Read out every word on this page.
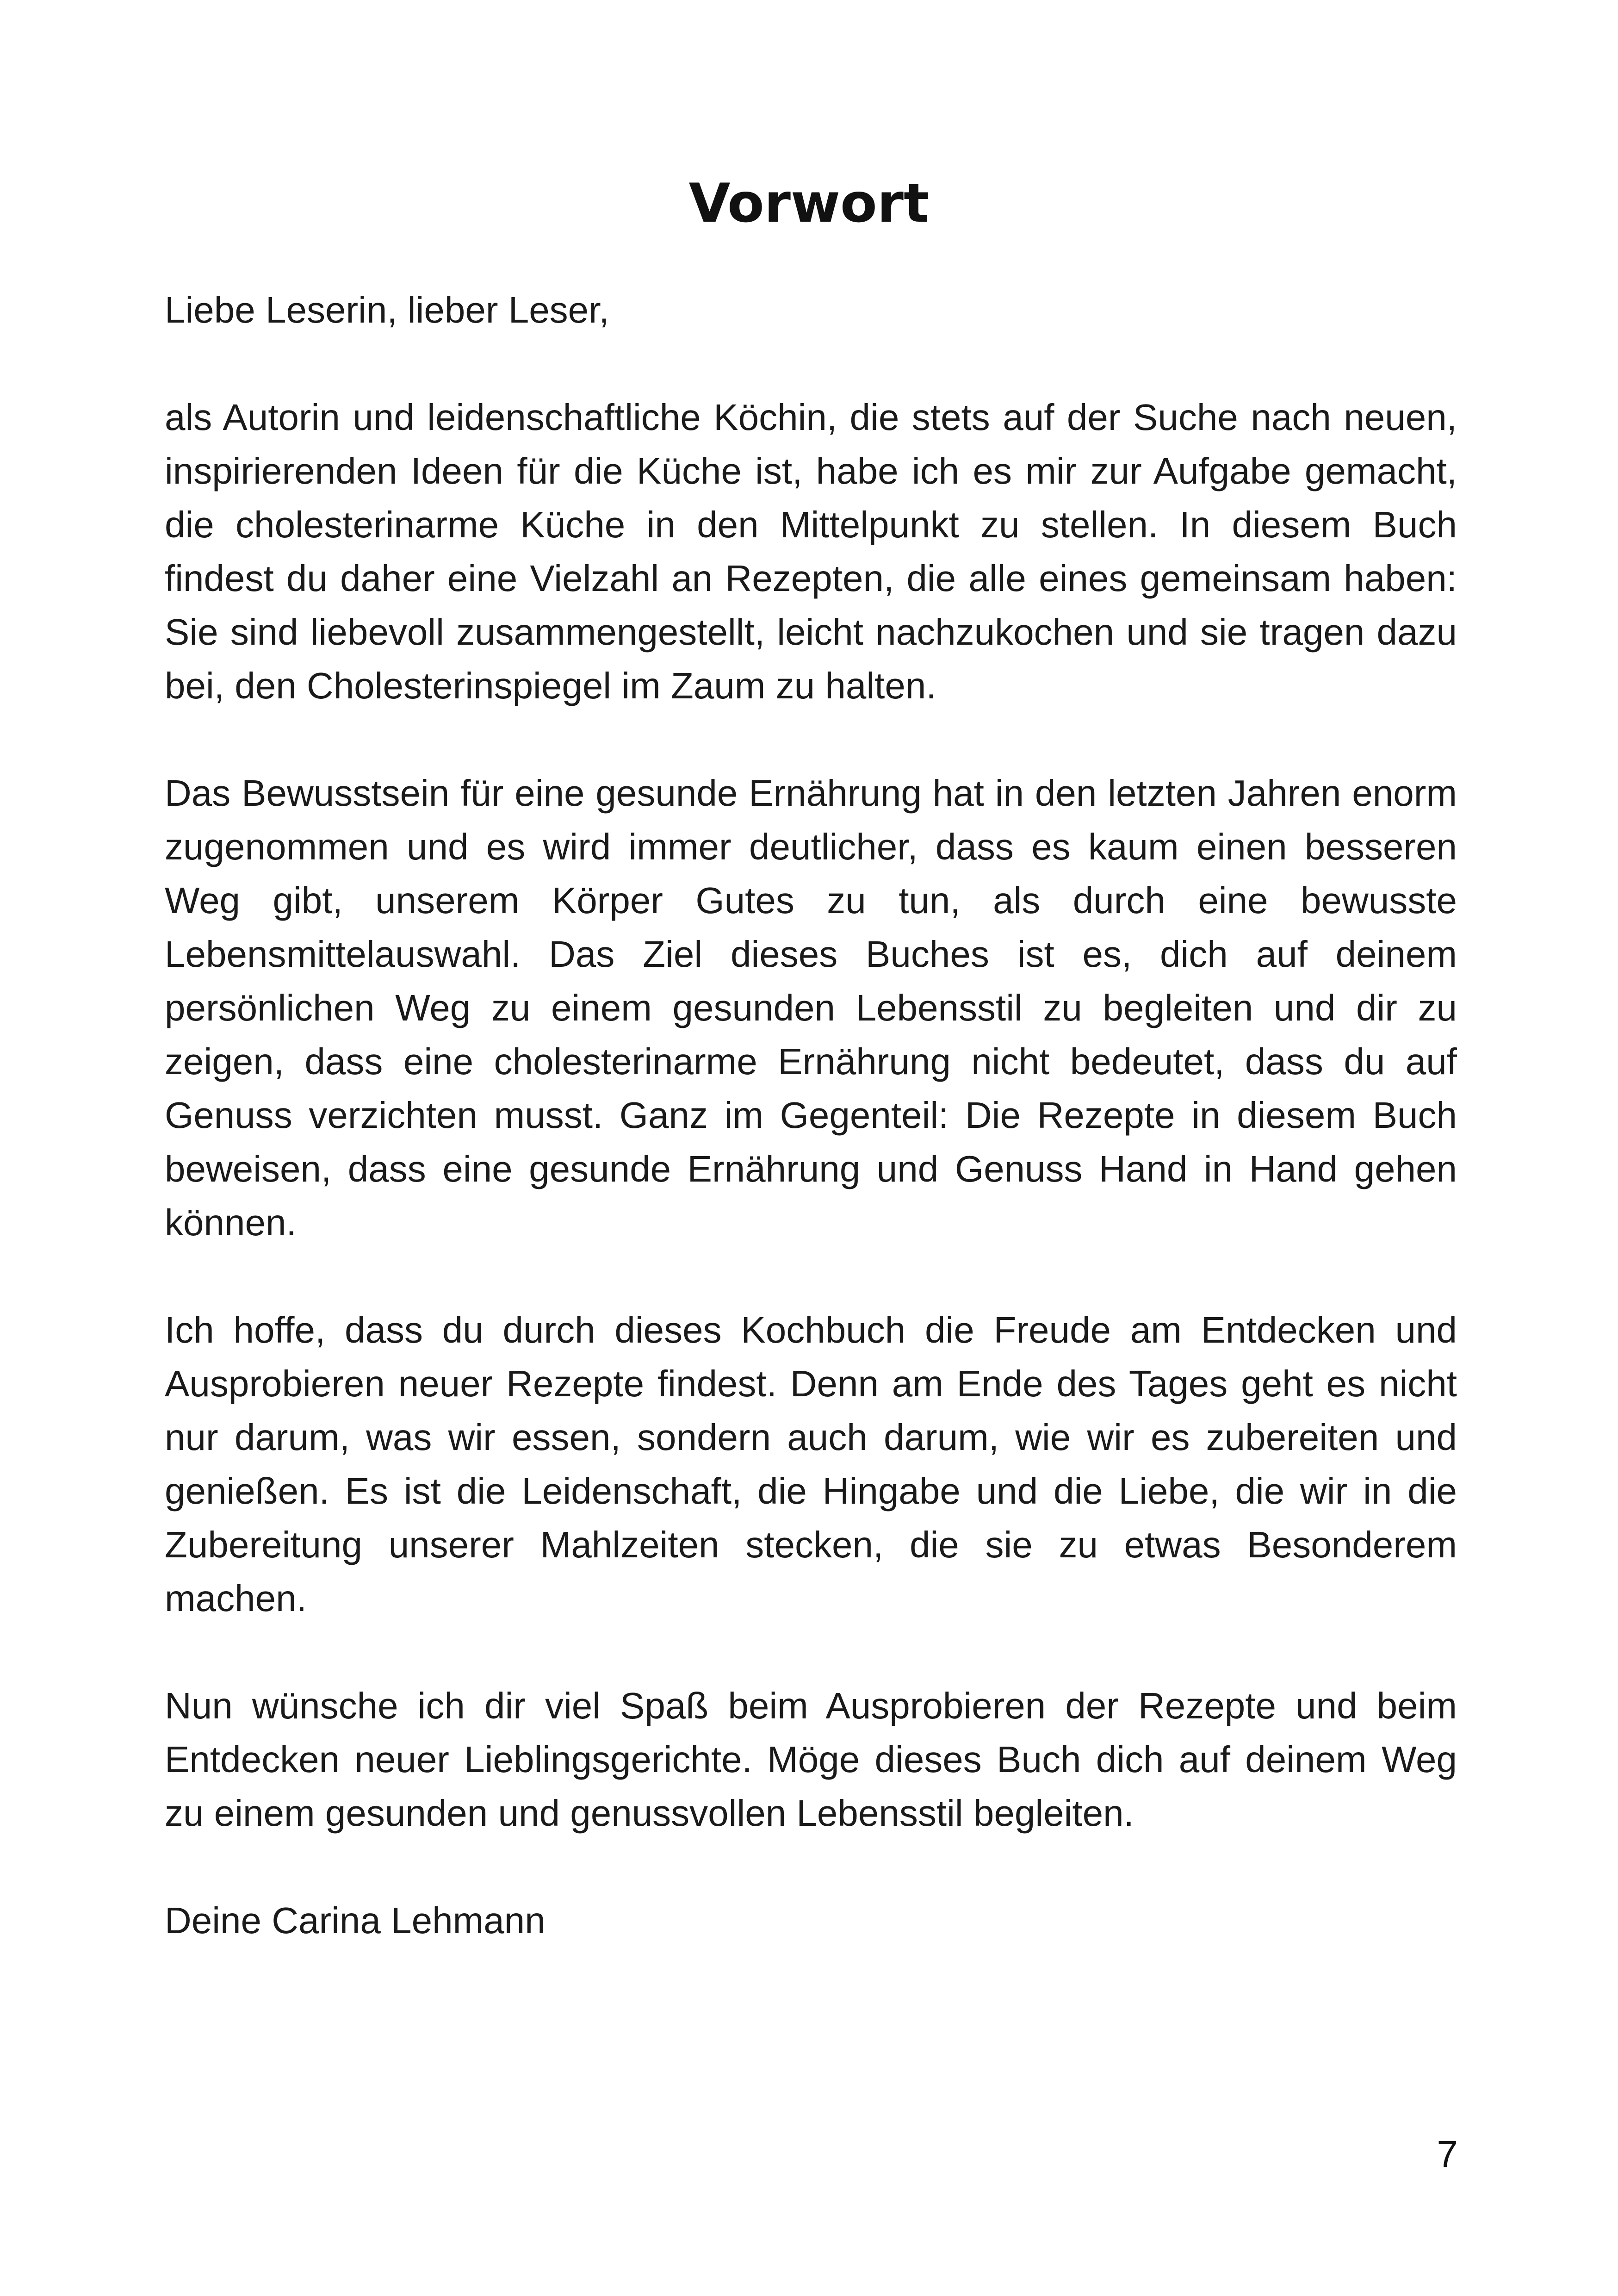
Vorwort

Liebe Leserin, lieber Leser,

als Autorin und leidenschaftliche Köchin, die stets auf der Suche nach neuen, inspirierenden Ideen für die Küche ist, habe ich es mir zur Aufgabe gemacht, die cholesterinarme Küche in den Mittelpunkt zu stellen. In diesem Buch findest du daher eine Vielzahl an Rezepten, die alle eines gemeinsam haben: Sie sind liebevoll zusammengestellt, leicht nachzukochen und sie tragen dazu bei, den Cholesterinspiegel im Zaum zu halten.

Das Bewusstsein für eine gesunde Ernährung hat in den letzten Jahren enorm zugenommen und es wird immer deutlicher, dass es kaum einen besseren Weg gibt, unserem Körper Gutes zu tun, als durch eine bewusste Lebensmittelauswahl. Das Ziel dieses Buches ist es, dich auf deinem persönlichen Weg zu einem gesunden Lebensstil zu begleiten und dir zu zeigen, dass eine cholesterinarme Ernährung nicht bedeutet, dass du auf Genuss verzichten musst. Ganz im Gegenteil: Die Rezepte in diesem Buch beweisen, dass eine gesunde Ernährung und Genuss Hand in Hand gehen können.

Ich hoffe, dass du durch dieses Kochbuch die Freude am Entdecken und Ausprobieren neuer Rezepte findest. Denn am Ende des Tages geht es nicht nur darum, was wir essen, sondern auch darum, wie wir es zubereiten und genießen. Es ist die Leidenschaft, die Hingabe und die Liebe, die wir in die Zubereitung unserer Mahlzeiten stecken, die sie zu etwas Besonderem machen.

Nun wünsche ich dir viel Spaß beim Ausprobieren der Rezepte und beim Entdecken neuer Lieblingsgerichte. Möge dieses Buch dich auf deinem Weg zu einem gesunden und genussvollen Lebensstil begleiten.

Deine Carina Lehmann

7
